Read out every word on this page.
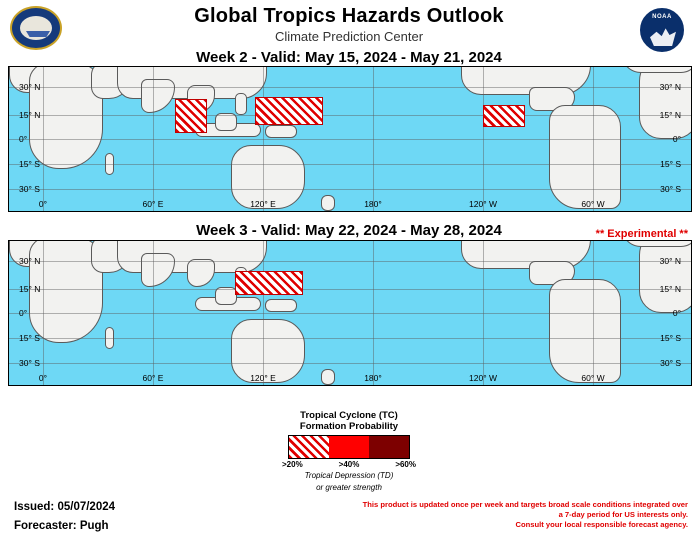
NOAA
Global Tropics Hazards Outlook
Climate Prediction Center
Week 2 - Valid: May 15, 2024 - May 21, 2024
0°	60° E	120° E	180°	120° W	60° W
30° N
15° N
0°
15° S
30° S
30° N
15° N
0°
15° S
30° S
Week 3 - Valid: May 22, 2024 - May 28, 2024	** Experimental **
0°	60° E	120° E	180°	120° W	60° W
30° N
15° N
0°
15° S
30° S
30° N
15° N
0°
15° S
30° S
Tropical Cyclone (TC)
Formation Probability
>20%	>40%	>60%
Tropical Depression (TD)
or greater strength
Issued: 05/07/2024
Forecaster: Pugh
This product is updated once per week and targets broad scale conditions integrated over a 7-day period for US interests only.
Consult your local responsible forecast agency.
